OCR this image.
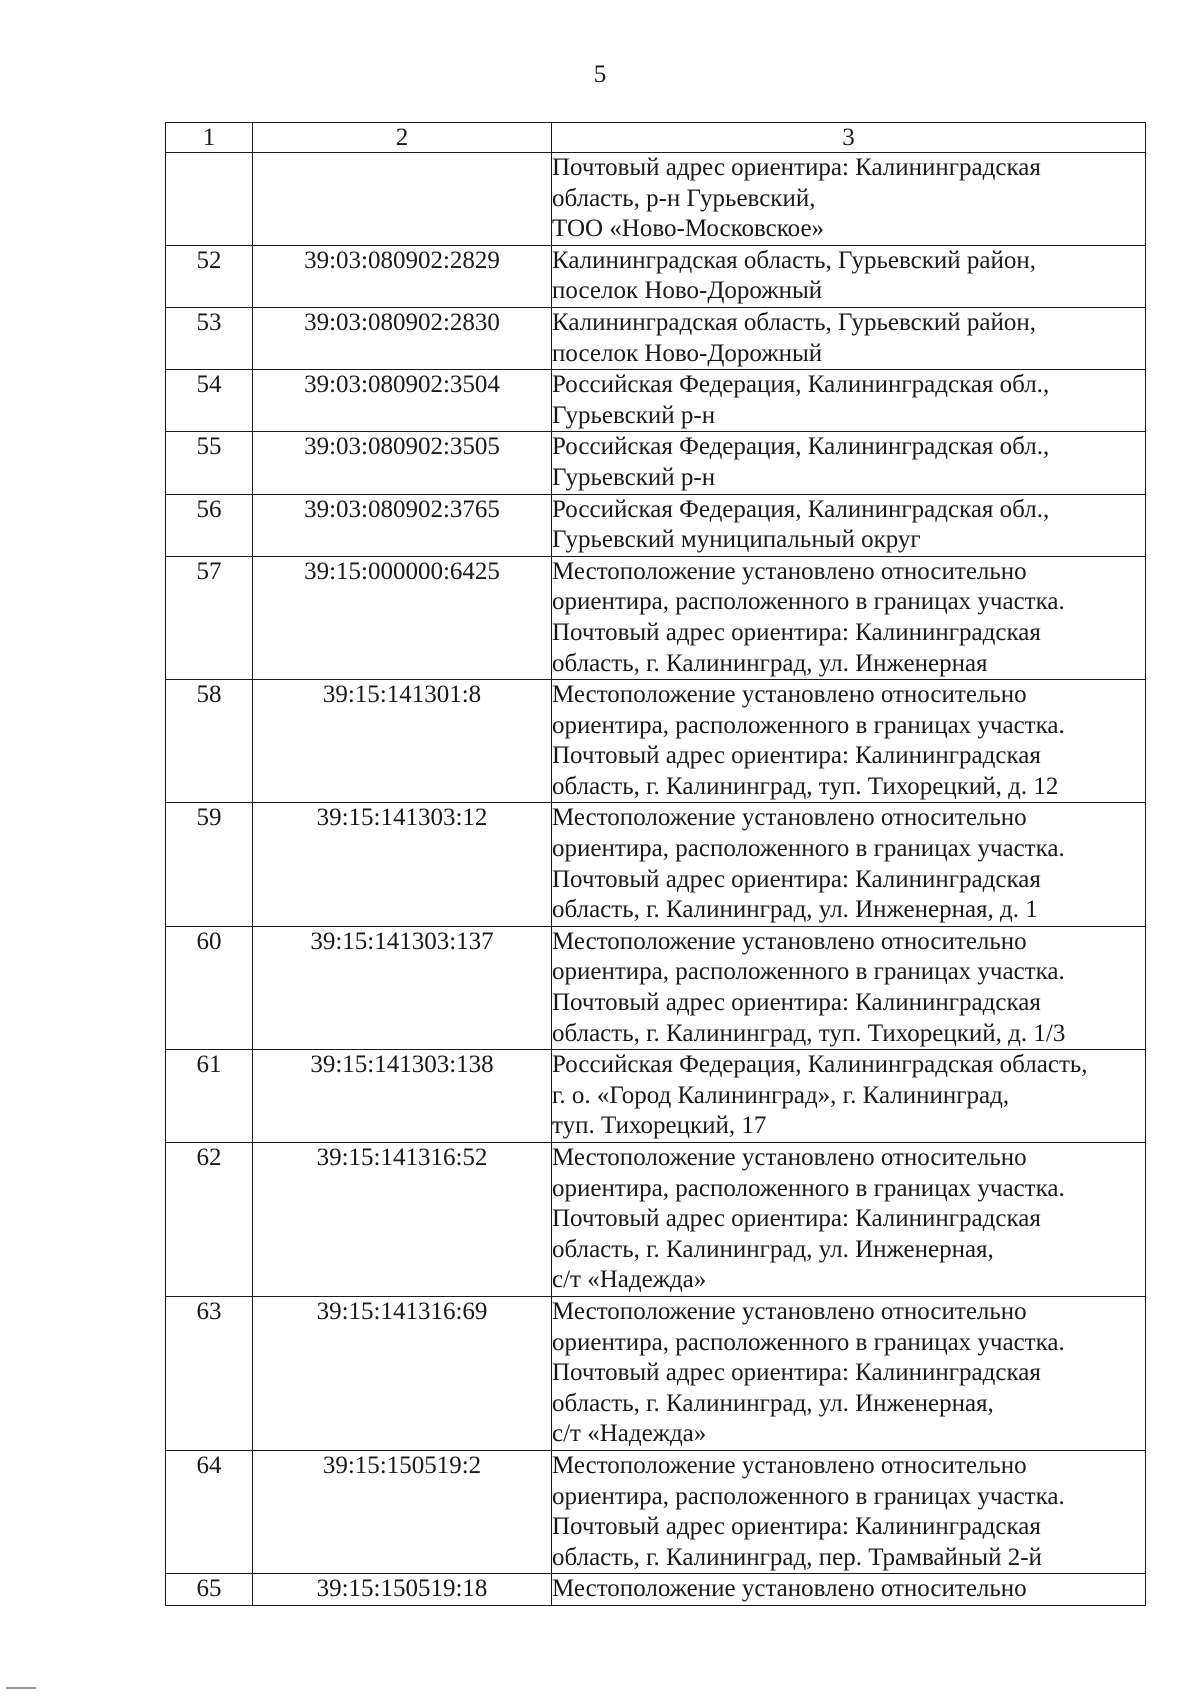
5
1	2	3

		Почтовый адрес ориентира: Калининградская
область, р-н Гурьевский,
ТОО «Ново-Московское»

52	39:03:080902:2829	Калининградская область, Гурьевский район,
поселок Ново-Дорожный

53	39:03:080902:2830	Калининградская область, Гурьевский район,
поселок Ново-Дорожный

54	39:03:080902:3504	Российская Федерация, Калининградская обл.,
Гурьевский р-н

55	39:03:080902:3505	Российская Федерация, Калининградская обл.,
Гурьевский р-н

56	39:03:080902:3765	Российская Федерация, Калининградская обл.,
Гурьевский муниципальный округ

57	39:15:000000:6425	Местоположение установлено относительно
ориентира, расположенного в границах участка.
Почтовый адрес ориентира: Калининградская
область, г. Калининград, ул. Инженерная

58	39:15:141301:8	Местоположение установлено относительно
ориентира, расположенного в границах участка.
Почтовый адрес ориентира: Калининградская
область, г. Калининград, туп. Тихорецкий, д. 12

59	39:15:141303:12	Местоположение установлено относительно
ориентира, расположенного в границах участка.
Почтовый адрес ориентира: Калининградская
область, г. Калининград, ул. Инженерная, д. 1

60	39:15:141303:137	Местоположение установлено относительно
ориентира, расположенного в границах участка.
Почтовый адрес ориентира: Калининградская
область, г. Калининград, туп. Тихорецкий, д. 1/3

61	39:15:141303:138	Российская Федерация, Калининградская область,
г. о. «Город Калининград», г. Калининград,
туп. Тихорецкий, 17

62	39:15:141316:52	Местоположение установлено относительно
ориентира, расположенного в границах участка.
Почтовый адрес ориентира: Калининградская
область, г. Калининград, ул. Инженерная,
с/т «Надежда»

63	39:15:141316:69	Местоположение установлено относительно
ориентира, расположенного в границах участка.
Почтовый адрес ориентира: Калининградская
область, г. Калининград, ул. Инженерная,
с/т «Надежда»

64	39:15:150519:2	Местоположение установлено относительно
ориентира, расположенного в границах участка.
Почтовый адрес ориентира: Калининградская
область, г. Калининград, пер. Трамвайный 2-й

65	39:15:150519:18	Местоположение установлено относительно
